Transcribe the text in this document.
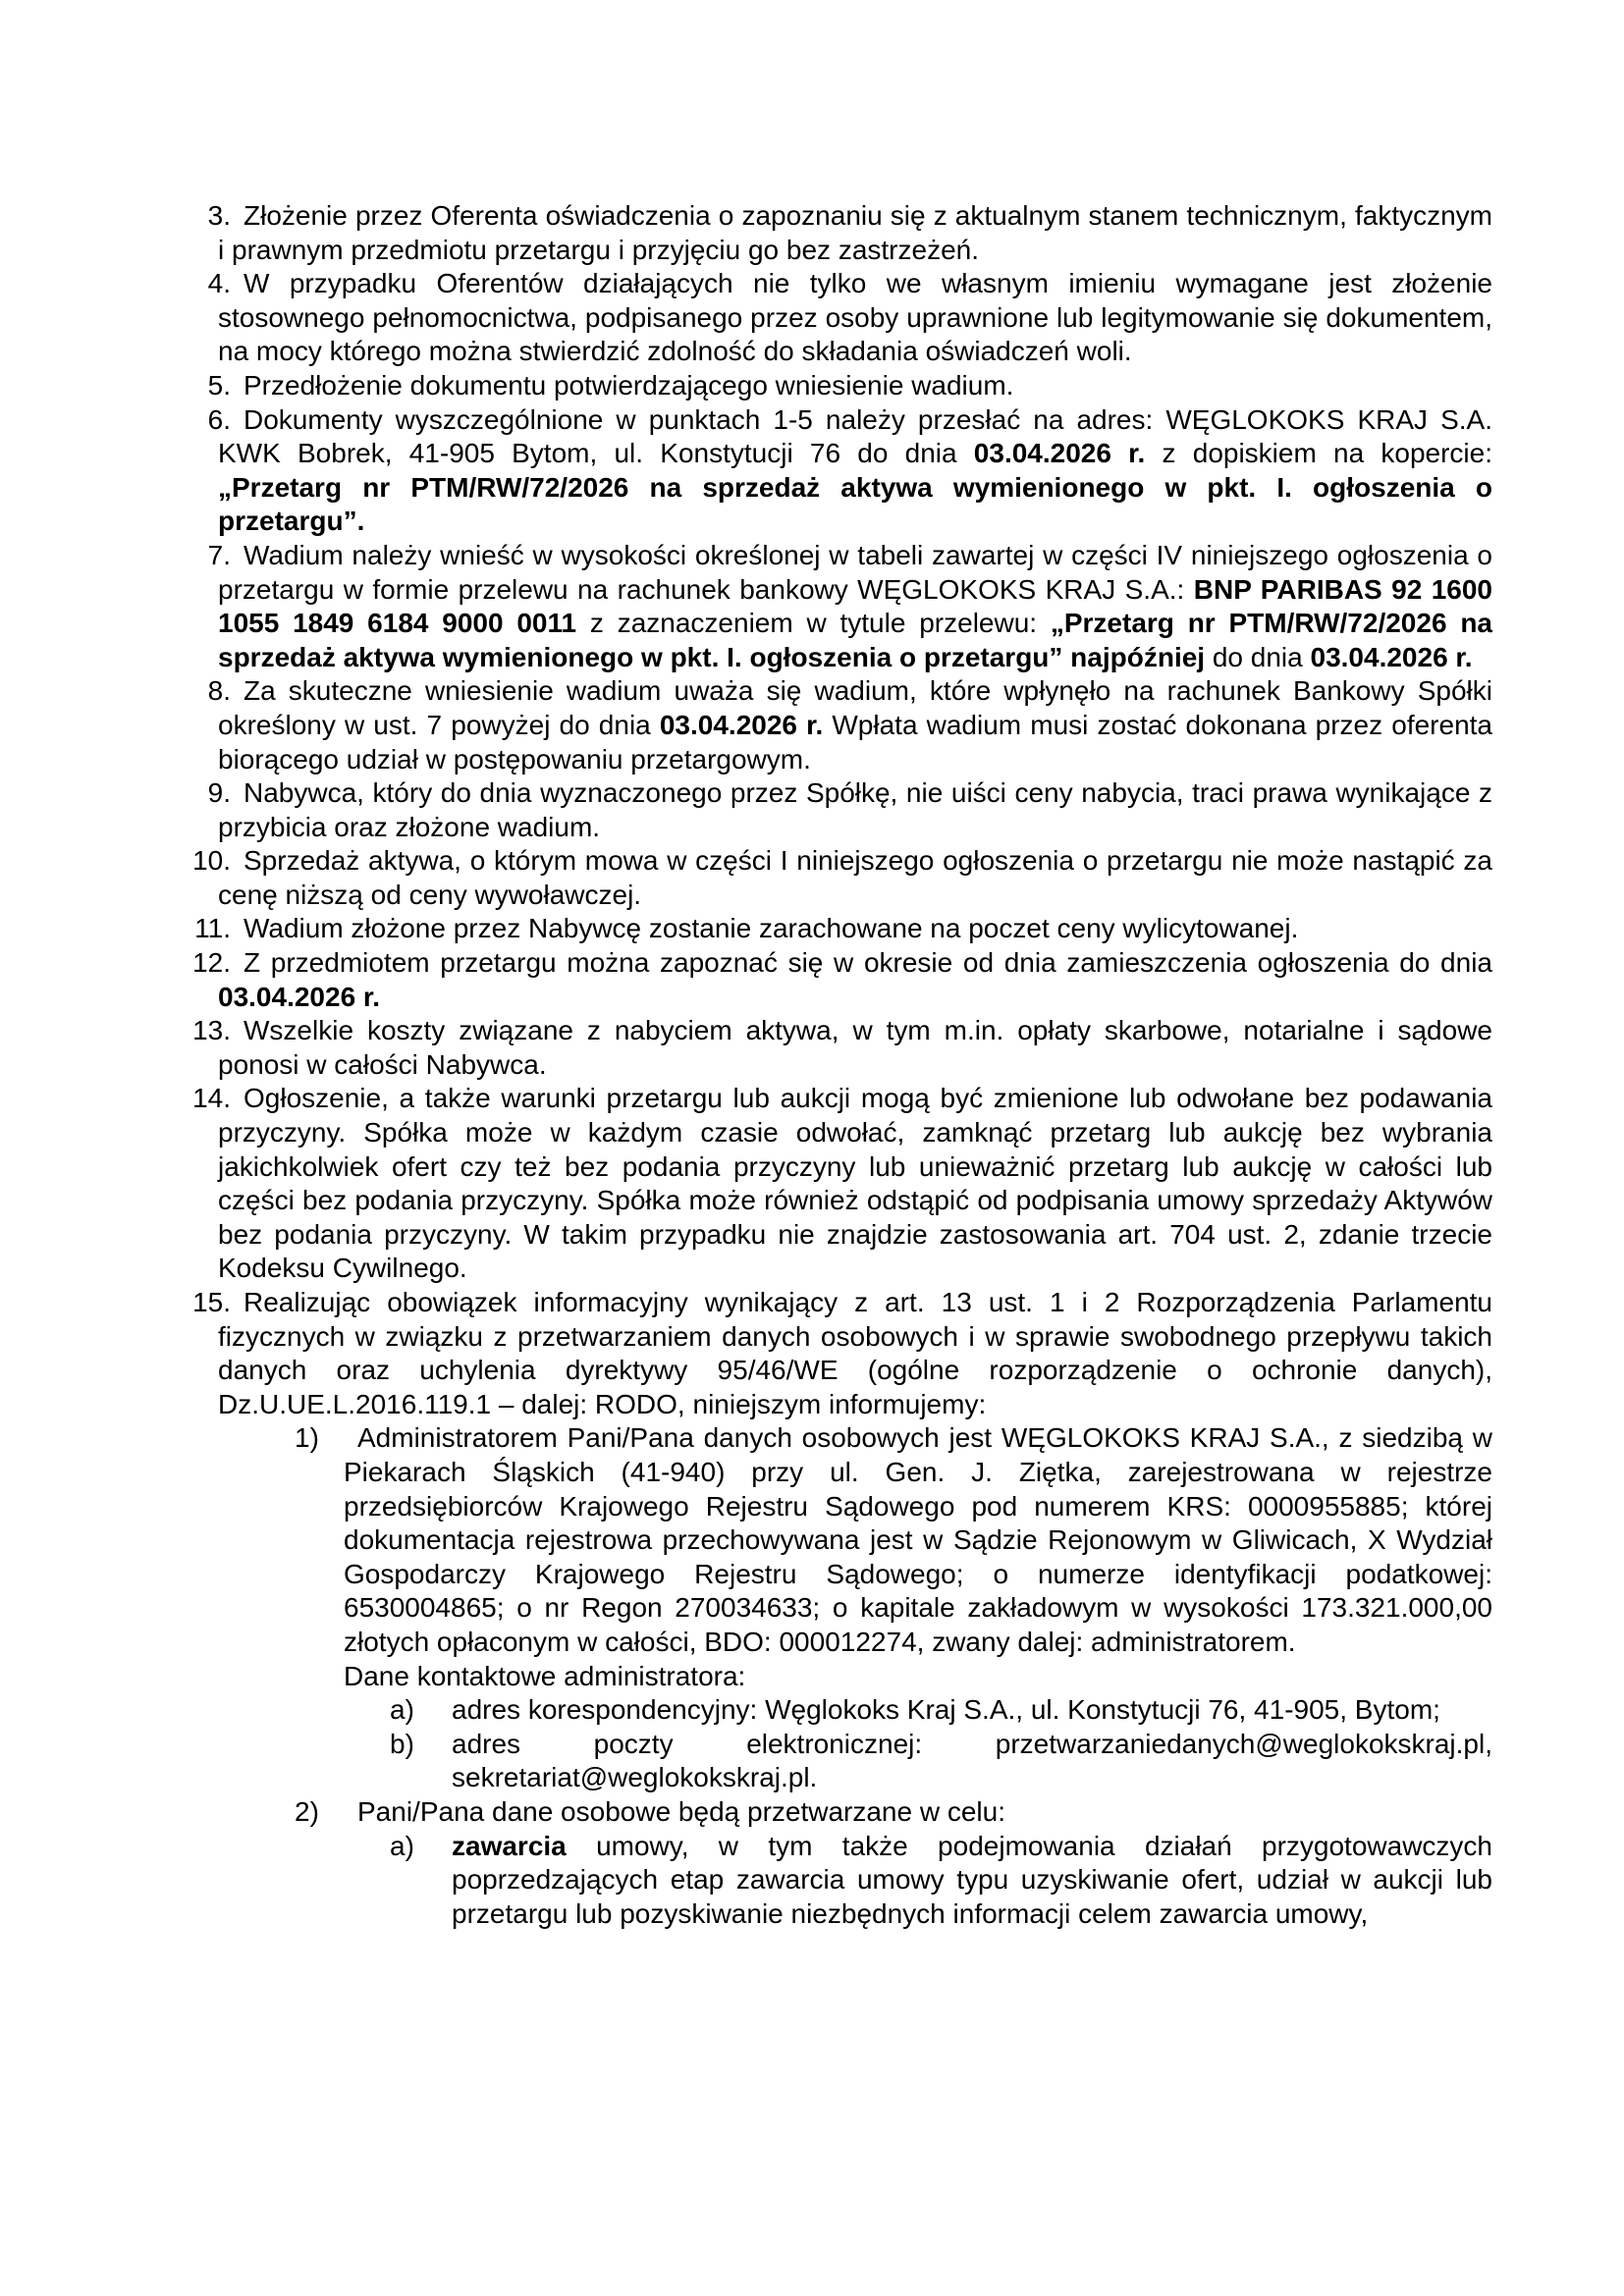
3. Złożenie przez Oferenta oświadczenia o zapoznaniu się z aktualnym stanem technicznym, faktycznym i prawnym przedmiotu przetargu i przyjęciu go bez zastrzeżeń.
4. W przypadku Oferentów działających nie tylko we własnym imieniu wymagane jest złożenie stosownego pełnomocnictwa, podpisanego przez osoby uprawnione lub legitymowanie się dokumentem, na mocy którego można stwierdzić zdolność do składania oświadczeń woli.
5. Przedłożenie dokumentu potwierdzającego wniesienie wadium.
6. Dokumenty wyszczególnione w punktach 1-5 należy przesłać na adres: WĘGLOKOKS KRAJ S.A. KWK Bobrek, 41-905 Bytom, ul. Konstytucji 76 do dnia 03.04.2026 r. z dopiskiem na kopercie: „Przetarg nr PTM/RW/72/2026 na sprzedaż aktywa wymienionego w pkt. I. ogłoszenia o przetargu”.
7. Wadium należy wnieść w wysokości określonej w tabeli zawartej w części IV niniejszego ogłoszenia o przetargu w formie przelewu na rachunek bankowy WĘGLOKOKS KRAJ S.A.: BNP PARIBAS 92 1600 1055 1849 6184 9000 0011 z zaznaczeniem w tytule przelewu: „Przetarg nr PTM/RW/72/2026 na sprzedaż aktywa wymienionego w pkt. I. ogłoszenia o przetargu” najpóźniej do dnia 03.04.2026 r.
8. Za skuteczne wniesienie wadium uważa się wadium, które wpłynęło na rachunek Bankowy Spółki określony w ust. 7 powyżej do dnia 03.04.2026 r. Wpłata wadium musi zostać dokonana przez oferenta biorącego udział w postępowaniu przetargowym.
9. Nabywca, który do dnia wyznaczonego przez Spółkę, nie uiści ceny nabycia, traci prawa wynikające z przybicia oraz złożone wadium.
10. Sprzedaż aktywa, o którym mowa w części I niniejszego ogłoszenia o przetargu nie może nastąpić za cenę niższą od ceny wywoławczej.
11. Wadium złożone przez Nabywcę zostanie zarachowane na poczet ceny wylicytowanej.
12. Z przedmiotem przetargu można zapoznać się w okresie od dnia zamieszczenia ogłoszenia do dnia 03.04.2026 r.
13. Wszelkie koszty związane z nabyciem aktywa, w tym m.in. opłaty skarbowe, notarialne i sądowe ponosi w całości Nabywca.
14. Ogłoszenie, a także warunki przetargu lub aukcji mogą być zmienione lub odwołane bez podawania przyczyny. Spółka może w każdym czasie odwołać, zamknąć przetarg lub aukcję bez wybrania jakichkolwiek ofert czy też bez podania przyczyny lub unieważnić przetarg lub aukcję w całości lub części bez podania przyczyny. Spółka może również odstąpić od podpisania umowy sprzedaży Aktywów bez podania przyczyny. W takim przypadku nie znajdzie zastosowania art. 704 ust. 2, zdanie trzecie Kodeksu Cywilnego.
15. Realizując obowiązek informacyjny wynikający z art. 13 ust. 1 i 2 Rozporządzenia Parlamentu fizycznych w związku z przetwarzaniem danych osobowych i w sprawie swobodnego przepływu takich danych oraz uchylenia dyrektywy 95/46/WE (ogólne rozporządzenie o ochronie danych), Dz.U.UE.L.2016.119.1 – dalej: RODO, niniejszym informujemy:
1)	Administratorem Pani/Pana danych osobowych jest WĘGLOKOKS KRAJ S.A., z siedzibą w Piekarach Śląskich (41-940) przy ul. Gen. J. Ziętka, zarejestrowana w rejestrze przedsiębiorców Krajowego Rejestru Sądowego pod numerem KRS: 0000955885; której dokumentacja rejestrowa przechowywana jest w Sądzie Rejonowym w Gliwicach, X Wydział Gospodarczy Krajowego Rejestru Sądowego; o numerze identyfikacji podatkowej: 6530004865; o nr Regon 270034633; o kapitale zakładowym w wysokości 173.321.000,00 złotych opłaconym w całości, BDO: 000012274, zwany dalej: administratorem.
Dane kontaktowe administratora:
a)	adres korespondencyjny: Węglokoks Kraj S.A., ul. Konstytucji 76, 41-905, Bytom;
b)	adres poczty elektronicznej: przetwarzaniedanych@weglokokskraj.pl, sekretariat@weglokokskraj.pl.
2)	Pani/Pana dane osobowe będą przetwarzane w celu:
a)	zawarcia umowy, w tym także podejmowania działań przygotowawczych poprzedzających etap zawarcia umowy typu uzyskiwanie ofert, udział w aukcji lub przetargu lub pozyskiwanie niezbędnych informacji celem zawarcia umowy,
